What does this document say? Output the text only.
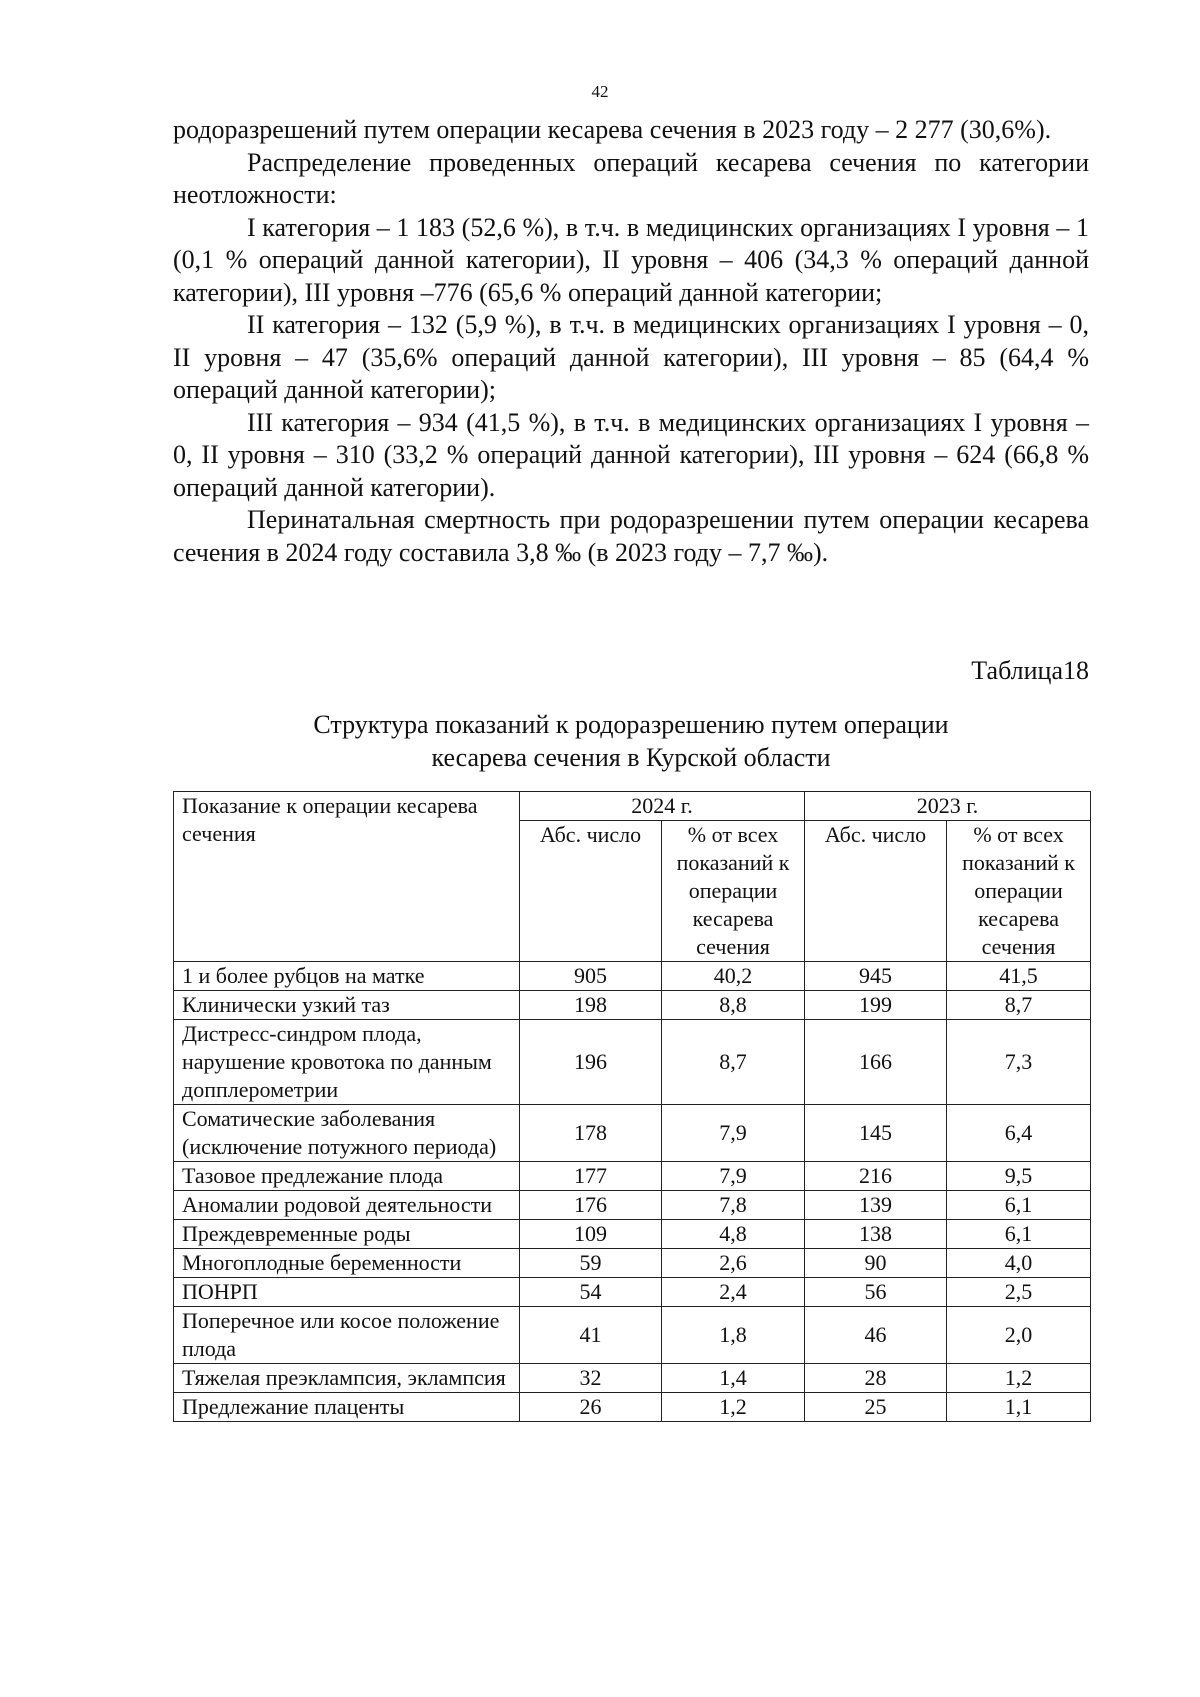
42

родоразрешений путем операции кесарева сечения в 2023 году – 2 277 (30,6%).

Распределение проведенных операций кесарева сечения по категории неотложности:

I категория – 1 183 (52,6 %), в т.ч. в медицинских организациях I уровня – 1 (0,1 % операций данной категории), II уровня – 406 (34,3 % операций данной категории), III уровня –776 (65,6 % операций данной категории;

II категория – 132 (5,9 %), в т.ч. в медицинских организациях I уровня – 0, II уровня – 47 (35,6% операций данной категории), III уровня – 85 (64,4 % операций данной категории);

III категория – 934 (41,5 %), в т.ч. в медицинских организациях I уровня – 0, II уровня – 310 (33,2 % операций данной категории), III уровня – 624 (66,8 % операций данной категории).

Перинатальная смертность при родоразрешении путем операции кесарева сечения в 2024 году составила 3,8 ‰ (в 2023 году – 7,7 ‰).

Таблица18
Структура показаний к родоразрешению путем операции
кесарева сечения в Курской области
Показание к операции кесарева сечения	2024 г.		2023 г.	
	Абс. число	% от всех показаний к операции кесарева сечения	Абс. число	% от всех показаний к операции кесарева сечения
1 и более рубцов на матке	905	40,2	945	41,5
Клинически узкий таз	198	8,8	199	8,7
Дистресс-синдром плода, нарушение кровотока по данным допплерометрии	196	8,7	166	7,3
Соматические заболевания (исключение потужного периода)	178	7,9	145	6,4
Тазовое предлежание плода	177	7,9	216	9,5
Аномалии родовой деятельности	176	7,8	139	6,1
Преждевременные роды	109	4,8	138	6,1
Многоплодные беременности	59	2,6	90	4,0
ПОНРП	54	2,4	56	2,5
Поперечное или косое положение плода	41	1,8	46	2,0
Тяжелая преэклампсия, эклампсия	32	1,4	28	1,2
Предлежание плаценты	26	1,2	25	1,1
